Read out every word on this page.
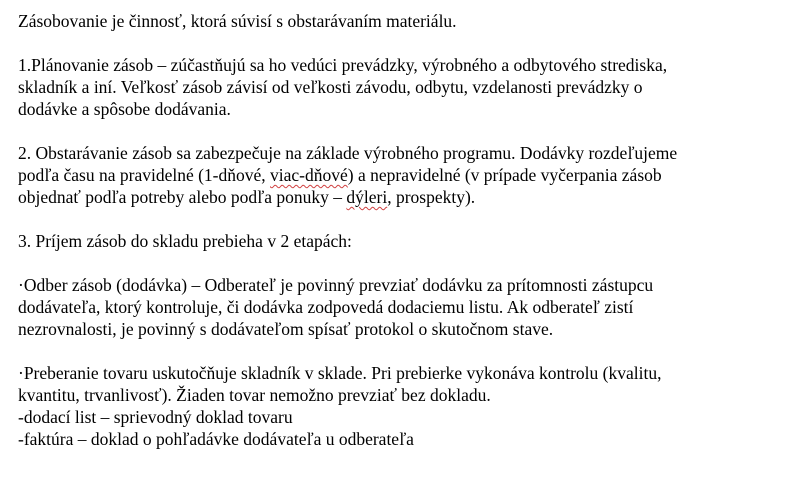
Zásobovanie je činnosť, ktorá súvisí s obstarávaním materiálu.
1.Plánovanie zásob – zúčastňujú sa ho vedúci prevádzky, výrobného a odbytového strediska,
skladník a iní. Veľkosť zásob závisí od veľkosti závodu, odbytu, vzdelanosti prevádzky o
dodávke a spôsobe dodávania.
2. Obstarávanie zásob sa zabezpečuje na základe výrobného programu. Dodávky rozdeľujeme
podľa času na pravidelné (1-dňové, viac-dňové) a nepravidelné (v prípade vyčerpania zásob
objednať podľa potreby alebo podľa ponuky – dýleri, prospekty).
3. Príjem zásob do skladu prebieha v 2 etapách:
·Odber zásob (dodávka) – Odberateľ je povinný prevziať dodávku za prítomnosti zástupcu
dodávateľa, ktorý kontroluje, či dodávka zodpovedá dodaciemu listu. Ak odberateľ zistí
nezrovnalosti, je povinný s dodávateľom spísať protokol o skutočnom stave.
·Preberanie tovaru uskutočňuje skladník v sklade. Pri prebierke vykonáva kontrolu (kvalitu,
kvantitu, trvanlivosť). Žiaden tovar nemožno prevziať bez dokladu.
-dodací list – sprievodný doklad tovaru
-faktúra – doklad o pohľadávke dodávateľa u odberateľa
